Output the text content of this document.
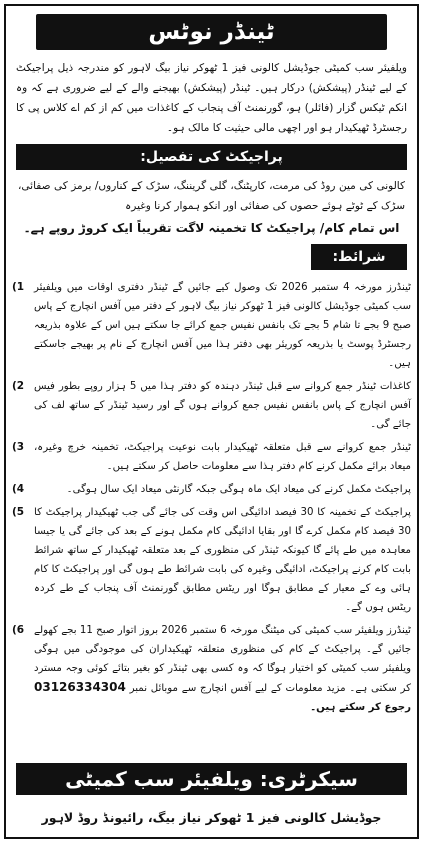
ٹینڈر نوٹس
ویلفیئر سب کمیٹی جوڈیشل کالونی فیز 1 ٹھوکر نیاز بیگ لاہور کو مندرجہ ذیل پراجیکٹ کے لیے ٹینڈر (پیشکش) درکار ہیں۔ ٹینڈر (پیشکش) بھیجنے والے کے لیے ضروری ہے کہ وہ انکم ٹیکس گزار (فائلر) ہو، گورنمنٹ آف پنجاب کے کاغذات میں کم از کم اے کلاس پی کا رجسٹرڈ ٹھیکیدار ہو اور اچھی مالی حیثیت کا مالک ہو۔
پراجیکٹ کی تفصیل:
کالونی کی مین روڈ کی مرمت، کارپٹنگ، گلی گریننگ، سڑک کے کناروں/ برمز کی صفائی، سڑک کے ٹوٹے ہوئے حصوں کی صفائی اور انکو ہموار کرنا وغیرہ
اس تمام کام/ پراجیکٹ کا تخمینہ لاگت تقریباً ایک کروڑ روپے ہے۔
شرائط:
ٹینڈرز مورخہ 4 ستمبر 2026 تک وصول کیے جائیں گے ٹینڈر دفتری اوقات میں ویلفیئر سب کمیٹی جوڈیشل کالونی فیز 1 ٹھوکر نیاز بیگ لاہور کے دفتر میں آفس انچارج کے پاس صبح 9 بجے تا شام 5 بجے تک بانفس نفیس جمع کرائے جا سکتے ہیں اس کے علاوہ بذریعہ رجسٹرڈ پوسٹ یا بذریعہ کوریئر بھی دفتر ہذا میں آفس انچارج کے نام پر بھیجے جاسکتے ہیں۔
(1
کاغذات ٹینڈر جمع کروانے سے قبل ٹینڈر دہندہ کو دفتر ہذا میں 5 ہزار روپے بطور فیس آفس انچارج کے پاس بانفس نفیس جمع کروانے ہوں گے اور رسید ٹینڈر کے ساتھ لف کی جائے گی۔
(2
ٹینڈر جمع کروانے سے قبل متعلقہ ٹھیکیدار بابت نوعیت پراجیکٹ، تخمینہ خرچ وغیرہ، میعاد برائے مکمل کرنے کام دفتر ہذا سے معلومات حاصل کر سکتے ہیں۔
(3
پراجیکٹ مکمل کرنے کی میعاد ایک ماہ ہوگی جبکہ گارنٹی میعاد ایک سال ہوگی۔
(4
پراجیکٹ کے تخمینہ کا 30 فیصد ادائیگی اس وقت کی جائے گی جب ٹھیکیدار پراجیکٹ کا 30 فیصد کام مکمل کرے گا اور بقایا ادائیگی کام مکمل ہونے کے بعد کی جائے گی یا جیسا معاہدہ میں طے پائے گا کیونکہ ٹینڈر کی منظوری کے بعد متعلقہ ٹھیکیدار کے ساتھ شرائط بابت کام کرنے پراجیکٹ، ادائیگی وغیرہ کی بابت شرائط طے ہوں گی اور پراجیکٹ کا کام ہائی وے کے معیار کے مطابق ہوگا اور ریٹس مطابق گورنمنٹ آف پنجاب کے طے کردہ ریٹس ہوں گے۔
(5
ٹینڈرز ویلفیئر سب کمیٹی کی میٹنگ مورخہ 6 ستمبر 2026 بروز اتوار صبح 11 بجے کھولے جائیں گے۔ پراجیکٹ کے کام کی منظوری متعلقہ ٹھیکیداران کی موجودگی میں ہوگی ویلفیئر سب کمیٹی کو اختیار ہوگا کہ وہ کسی بھی ٹینڈر کو بغیر بتائے کوئی وجہ مسترد کر سکتی ہے۔ مزید معلومات کے لیے آفس انچارج سے موبائل نمبر 03126334304 رجوع کر سکتے ہیں۔
(6
سیکرٹری: ویلفیئر سب کمیٹی
جوڈیشل کالونی فیز 1 ٹھوکر نیاز بیگ، رائیونڈ روڈ لاہور
